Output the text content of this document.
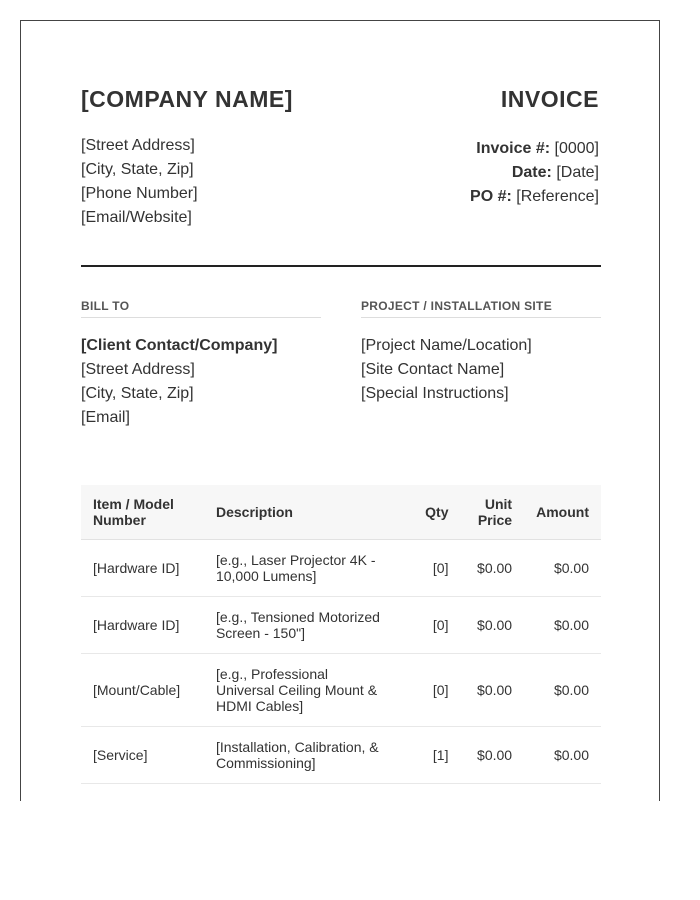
[COMPANY NAME]	INVOICE
[Street Address]
[City, State, Zip]
[Phone Number]
[Email/Website]
Invoice #: [0000]
Date: [Date]
PO #: [Reference]
BILL TO
[Client Contact/Company]
[Street Address]
[City, State, Zip]
[Email]
PROJECT / INSTALLATION SITE
[Project Name/Location]
[Site Contact Name]
[Special Instructions]
Item / Model Number	Description	Qty	Unit Price	Amount
[Hardware ID]	[e.g., Laser Projector 4K - 10,000 Lumens]	[0]	$0.00	$0.00
[Hardware ID]	[e.g., Tensioned Motorized Screen - 150"]	[0]	$0.00	$0.00
[Mount/Cable]	[e.g., Professional Universal Ceiling Mount & HDMI Cables]	[0]	$0.00	$0.00
[Service]	[Installation, Calibration, & Commissioning]	[1]	$0.00	$0.00
